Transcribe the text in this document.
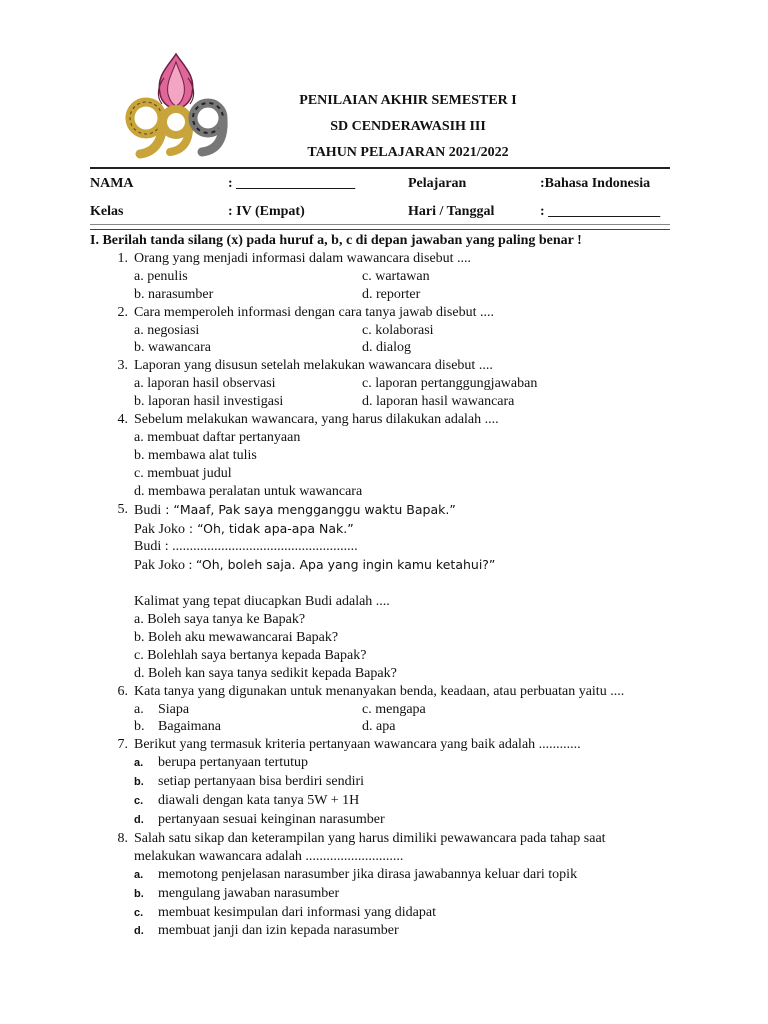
PENILAIAN AKHIR SEMESTER I
SD CENDERAWASIH III
TAHUN PELAJARAN 2021/2022
NAMA	: _________________	Pelajaran	:Bahasa Indonesia
Kelas	: IV (Empat)	Hari / Tanggal	: ________________
I. Berilah tanda silang (x) pada huruf a, b, c di depan jawaban yang paling benar !
1. Orang yang menjadi informasi dalam wawancara disebut ....
a. penulis	c. wartawan
b. narasumber	d. reporter
2. Cara memperoleh informasi dengan cara tanya jawab disebut ....
a. negosiasi	c. kolaborasi
b. wawancara	d. dialog
3. Laporan yang disusun setelah melakukan wawancara disebut ....
a. laporan hasil observasi	c. laporan pertanggungjawaban
b. laporan hasil investigasi	d. laporan hasil wawancara
4. Sebelum melakukan wawancara, yang harus dilakukan adalah ....
a. membuat daftar pertanyaan
b. membawa alat tulis
c. membuat judul
d. membawa peralatan untuk wawancara
5. Budi : “Maaf, Pak saya mengganggu waktu Bapak.”
Pak Joko : “Oh, tidak apa-apa Nak.”
Budi : .....................................................
Pak Joko : “Oh, boleh saja. Apa yang ingin kamu ketahui?”
Kalimat yang tepat diucapkan Budi adalah ....
a. Boleh saya tanya ke Bapak?
b. Boleh aku mewawancarai Bapak?
c. Bolehlah saya bertanya kepada Bapak?
d. Boleh kan saya tanya sedikit kepada Bapak?
6. Kata tanya yang digunakan untuk menanyakan benda, keadaan, atau perbuatan yaitu ....
a. Siapa	c. mengapa
b. Bagaimana	d. apa
7. Berikut yang termasuk kriteria pertanyaan wawancara yang baik adalah ............
a. berupa pertanyaan tertutup
b. setiap pertanyaan bisa berdiri sendiri
c. diawali dengan kata tanya 5W + 1H
d. pertanyaan sesuai keinginan narasumber
8. Salah satu sikap dan keterampilan yang harus dimiliki pewawancara pada tahap saat
melakukan wawancara adalah ............................
a. memotong penjelasan narasumber jika dirasa jawabannya keluar dari topik
b. mengulang jawaban narasumber
c. membuat kesimpulan dari informasi yang didapat
d. membuat janji dan izin kepada narasumber
